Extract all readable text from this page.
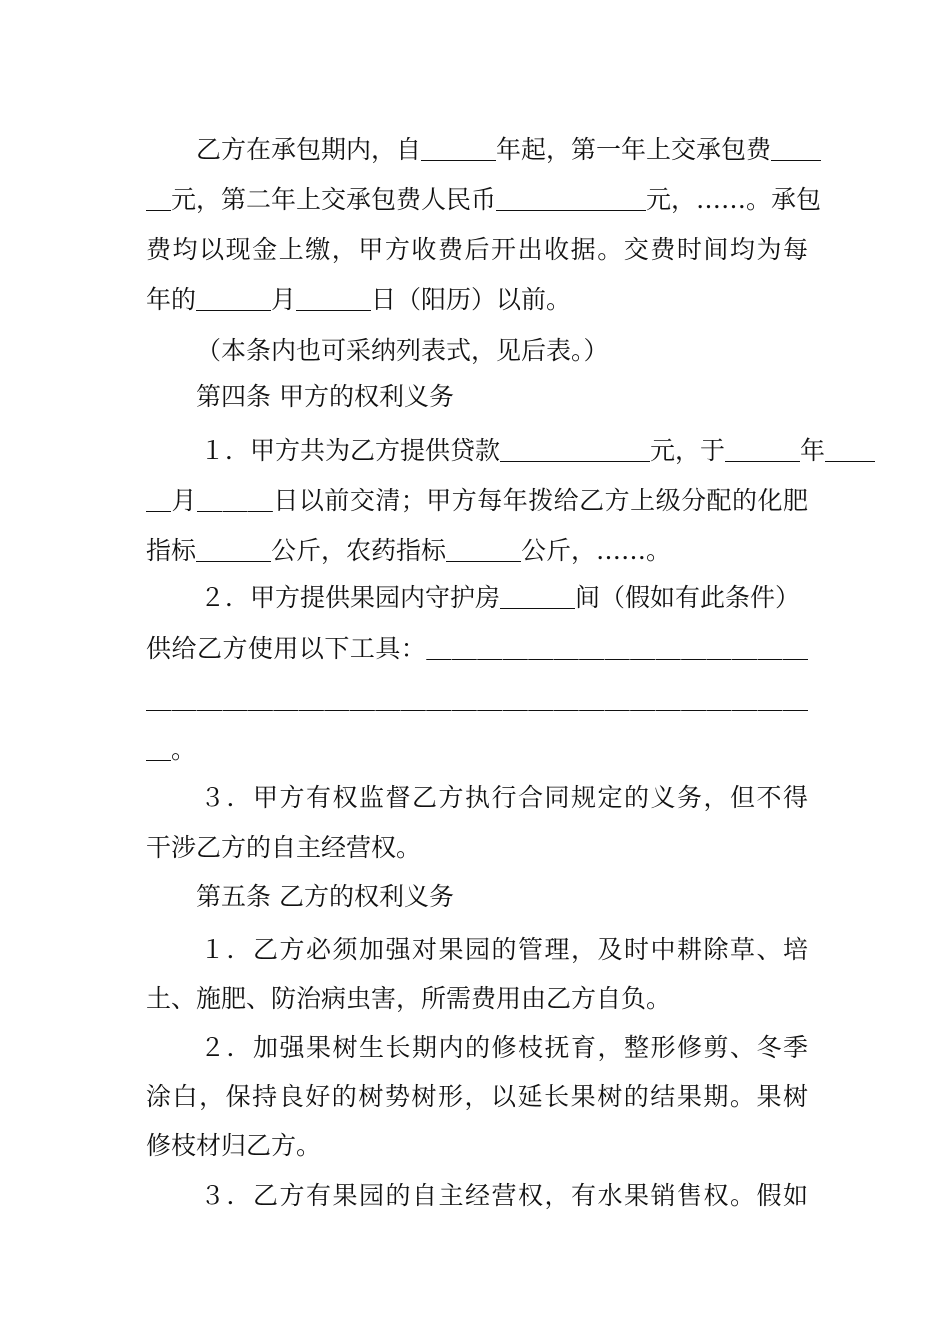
乙方在承包期内，自＿＿＿年起，第一年上交承包费＿＿
＿元，第二年上交承包费人民币＿＿＿＿＿＿元，……。承包
费均以现金上缴，甲方收费后开出收据。交费时间均为每
年的＿＿＿月＿＿＿日（阳历）以前。
（本条内也可采纳列表式，见后表。）
第四条 甲方的权利义务
１．甲方共为乙方提供贷款＿＿＿＿＿＿元，于＿＿＿年＿＿
＿月＿＿＿日以前交清；甲方每年拨给乙方上级分配的化肥
指标＿＿＿公斤，农药指标＿＿＿公斤，……。
２．甲方提供果园内守护房＿＿＿间（假如有此条件）
供给乙方使用以下工具：＿＿＿＿＿＿＿＿＿＿＿＿＿＿＿
＿＿＿＿＿＿＿＿＿＿＿＿＿＿＿＿＿＿＿＿＿＿＿＿＿＿
＿。
３．甲方有权监督乙方执行合同规定的义务，但不得
干涉乙方的自主经营权。
第五条 乙方的权利义务
１．乙方必须加强对果园的管理，及时中耕除草、培
土、施肥、防治病虫害，所需费用由乙方自负。
２．加强果树生长期内的修枝抚育，整形修剪、冬季
涂白，保持良好的树势树形，以延长果树的结果期。果树
修枝材归乙方。
３．乙方有果园的自主经营权，有水果销售权。假如
